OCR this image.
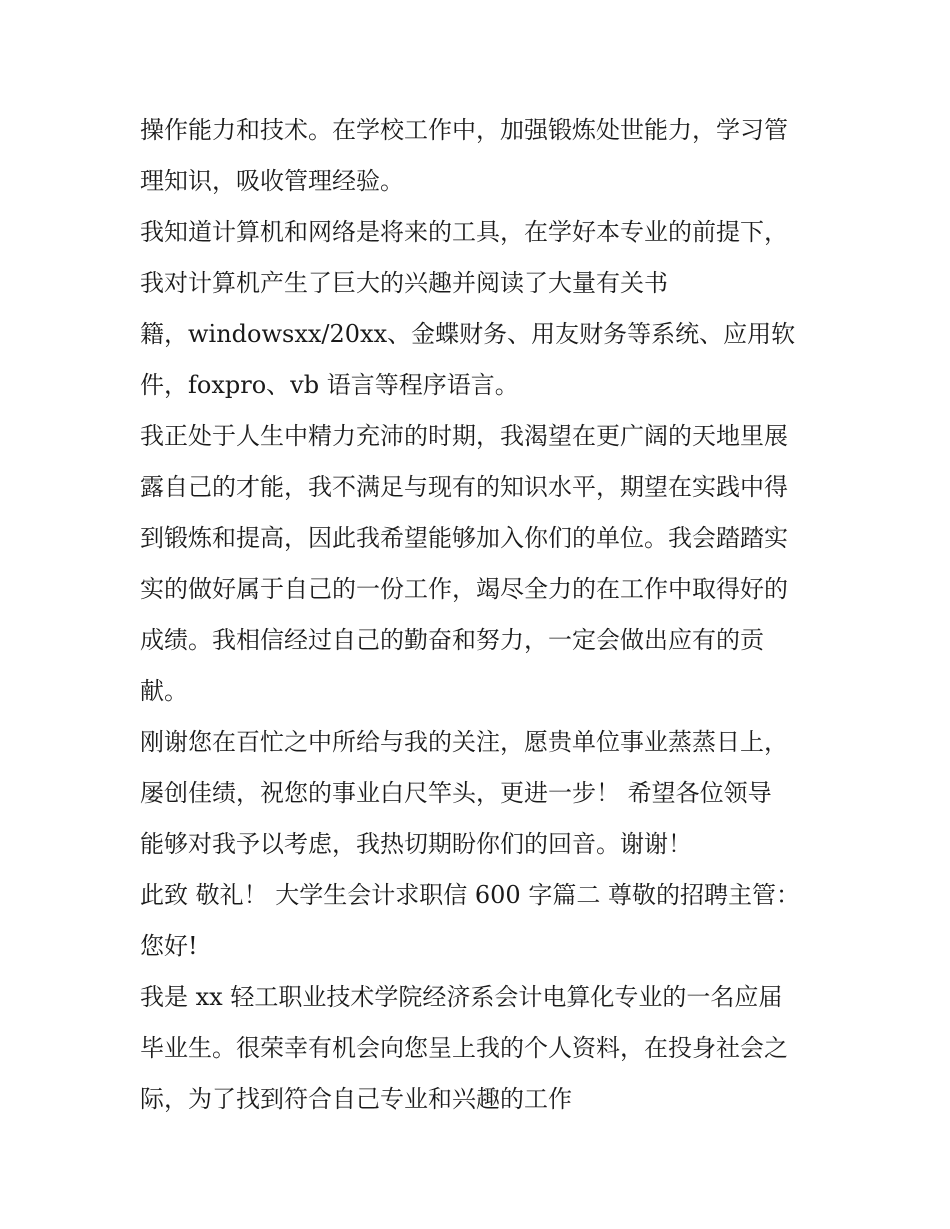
操作能力和技术。在学校工作中，加强锻炼处世能力，学习管
理知识，吸收管理经验。
我知道计算机和网络是将来的工具，在学好本专业的前提下，
我对计算机产生了巨大的兴趣并阅读了大量有关书
籍，windowsxx/20xx、金蝶财务、用友财务等系统、应用软
件，foxpro、vb 语言等程序语言。
我正处于人生中精力充沛的时期，我渴望在更广阔的天地里展
露自己的才能，我不满足与现有的知识水平，期望在实践中得
到锻炼和提高，因此我希望能够加入你们的单位。我会踏踏实
实的做好属于自己的一份工作，竭尽全力的在工作中取得好的
成绩。我相信经过自己的勤奋和努力，一定会做出应有的贡
献。
刚谢您在百忙之中所给与我的关注，愿贵单位事业蒸蒸日上，
屡创佳绩，祝您的事业白尺竿头，更进一步！ 希望各位领导
能够对我予以考虑，我热切期盼你们的回音。谢谢！
此致 敬礼！ 大学生会计求职信 600 字篇二 尊敬的招聘主管：
您好!
我是 xx 轻工职业技术学院经济系会计电算化专业的一名应届
毕业生。很荣幸有机会向您呈上我的个人资料，在投身社会之
际，为了找到符合自己专业和兴趣的工作
